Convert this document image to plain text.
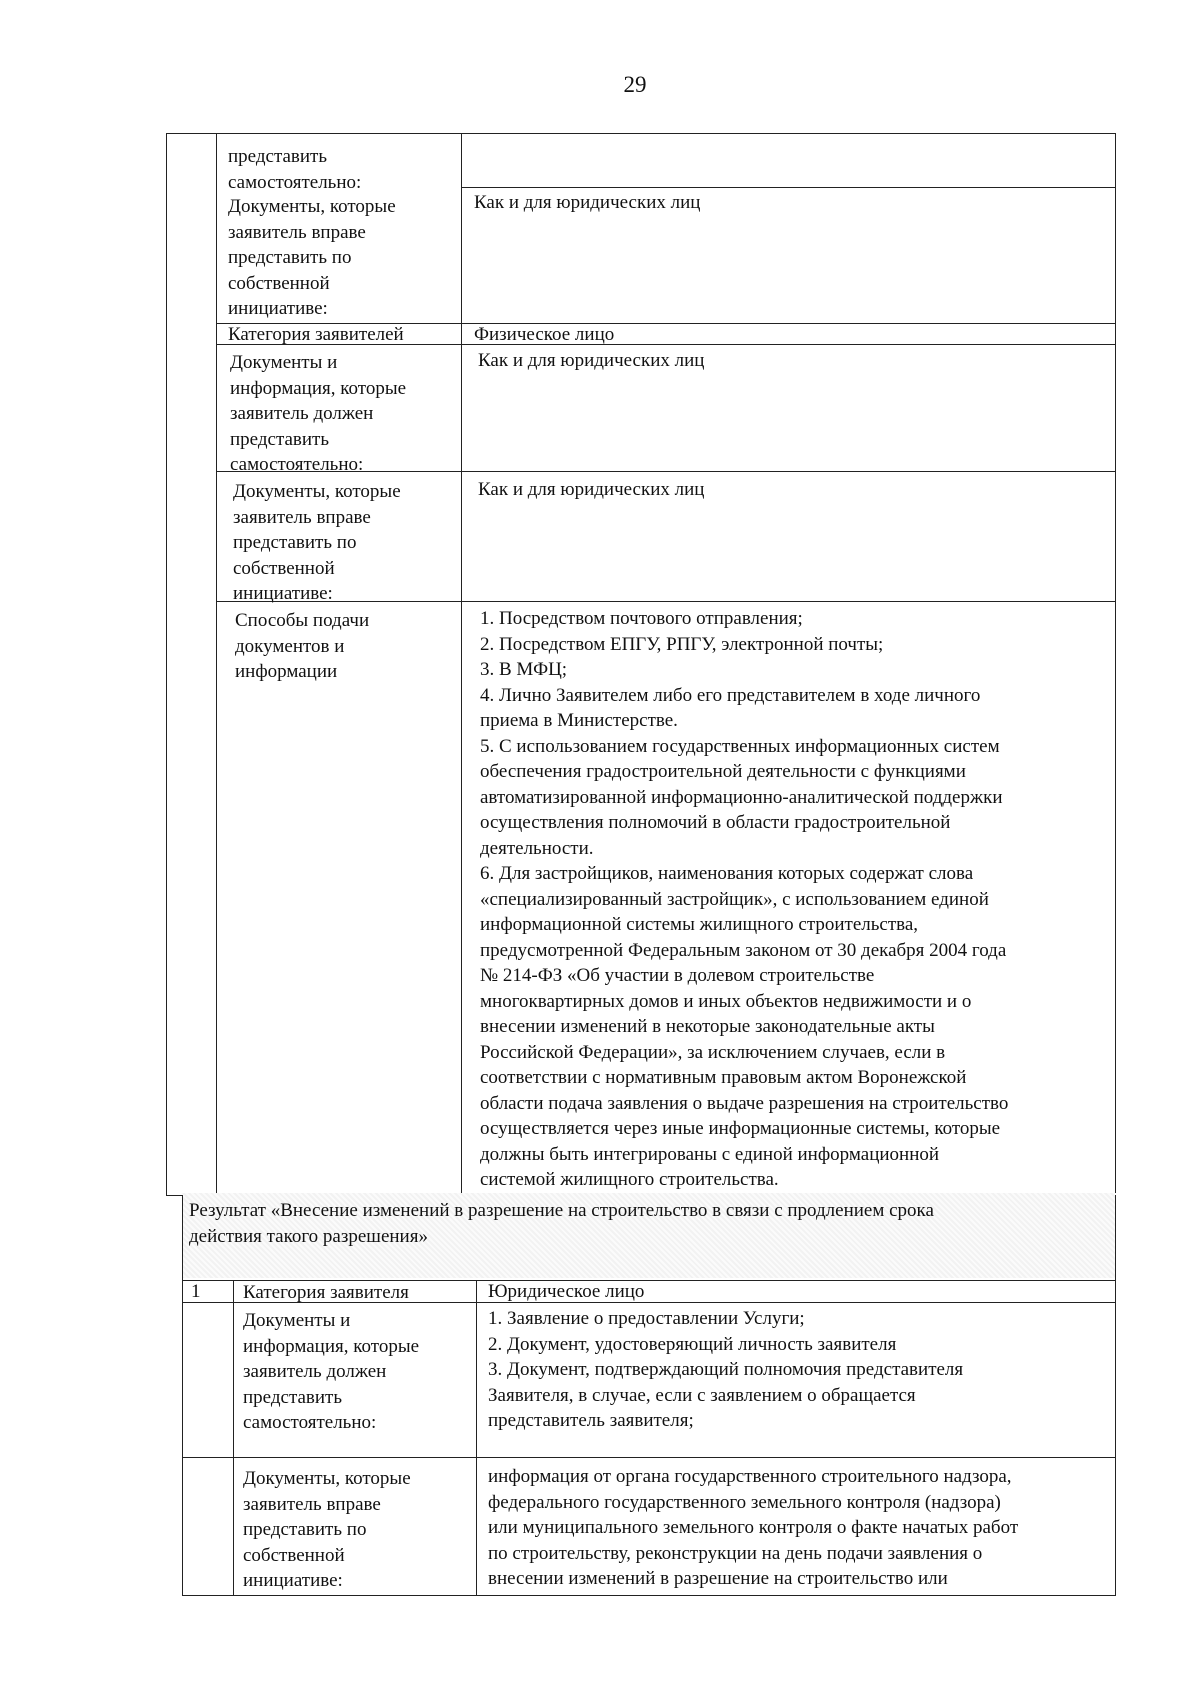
29
представить
самостоятельно:
Документы, которые
заявитель вправе
представить по
собственной
инициативе:
Как и для юридических лиц
Категория заявителей	Физическое лицо
Документы и
информация, которые
заявитель должен
представить
самостоятельно:
Как и для юридических лиц
Документы, которые
заявитель вправе
представить по
собственной
инициативе:
Как и для юридических лиц
Способы подачи
документов и
информации
1. Посредством почтового отправления;
2. Посредством ЕПГУ, РПГУ, электронной почты;
3. В МФЦ;
4. Лично Заявителем либо его представителем в ходе личного
приема в Министерстве.
5. С использованием государственных информационных систем
обеспечения градостроительной деятельности с функциями
автоматизированной информационно-аналитической поддержки
осуществления полномочий в области градостроительной
деятельности.
6. Для застройщиков, наименования которых содержат слова
«специализированный застройщик», с использованием единой
информационной системы жилищного строительства,
предусмотренной Федеральным законом от 30 декабря 2004 года
№ 214-ФЗ «Об участии в долевом строительстве
многоквартирных домов и иных объектов недвижимости и о
внесении изменений в некоторые законодательные акты
Российской Федерации», за исключением случаев, если в
соответствии с нормативным правовым актом Воронежской
области подача заявления о выдаче разрешения на строительство
осуществляется через иные информационные системы, которые
должны быть интегрированы с единой информационной
системой жилищного строительства.
Результат «Внесение изменений в разрешение на строительство в связи с продлением срока
действия такого разрешения»
1 Категория заявителя	Юридическое лицо
Документы и
информация, которые
заявитель должен
представить
самостоятельно:
1. Заявление о предоставлении Услуги;
2. Документ, удостоверяющий личность заявителя
3. Документ, подтверждающий полномочия представителя
Заявителя, в случае, если с заявлением о обращается
представитель заявителя;
Документы, которые
заявитель вправе
представить по
собственной
инициативе:
информация от органа государственного строительного надзора,
федерального государственного земельного контроля (надзора)
или муниципального земельного контроля о факте начатых работ
по строительству, реконструкции на день подачи заявления о
внесении изменений в разрешение на строительство или
